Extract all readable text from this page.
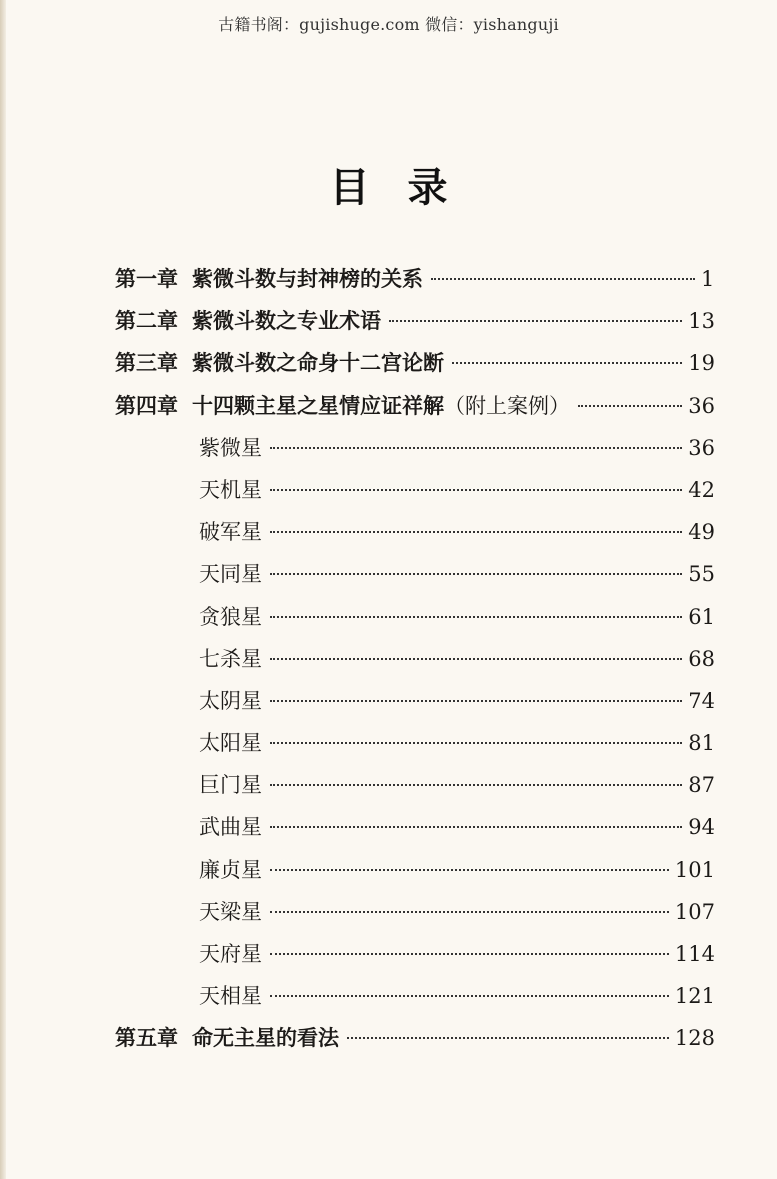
古籍书阁：gujishuge.com 微信：yishanguji
目录
第一章 紫微斗数与封神榜的关系	1
第二章 紫微斗数之专业术语	13
第三章 紫微斗数之命身十二宫论断	19
第四章 十四颗主星之星情应证祥解 （附上案例）	36
紫微星	36
天机星	42
破军星	49
天同星	55
贪狼星	61
七杀星	68
太阴星	74
太阳星	81
巨门星	87
武曲星	94
廉贞星	101
天梁星	107
天府星	114
天相星	121
第五章 命无主星的看法	128
